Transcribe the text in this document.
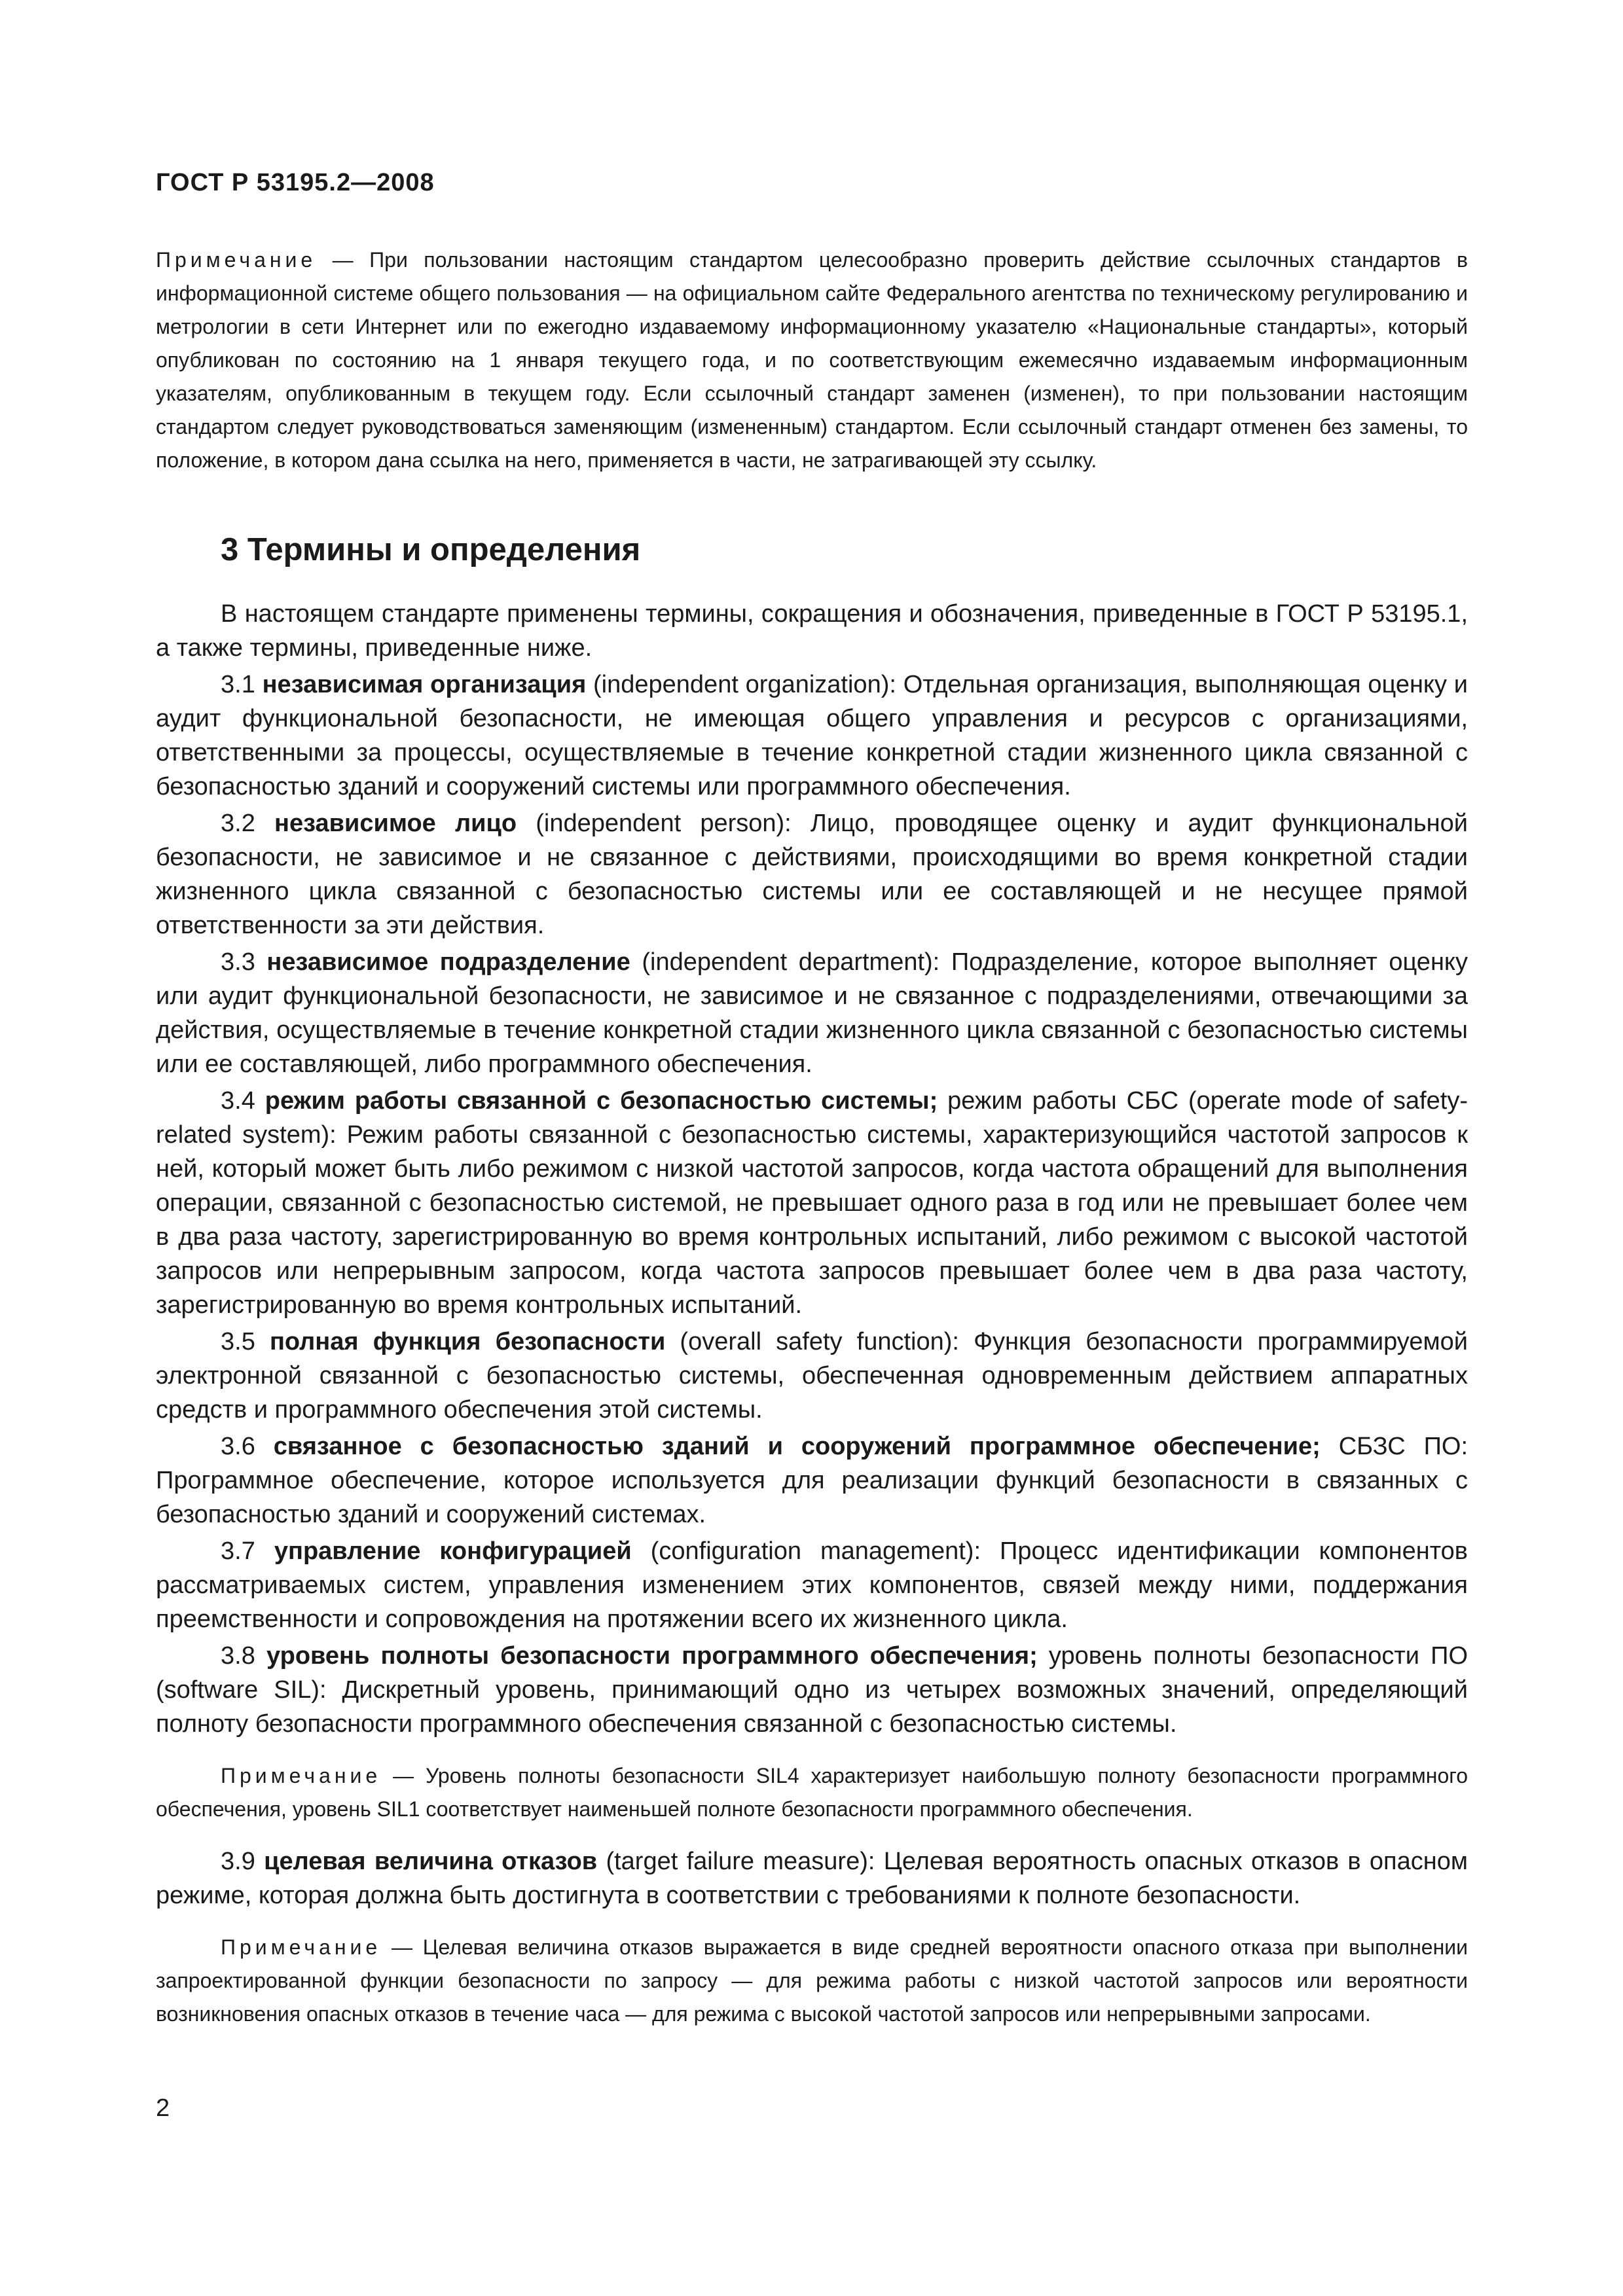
ГОСТ Р 53195.2—2008
Примечание — При пользовании настоящим стандартом целесообразно проверить действие ссылочных стандартов в информационной системе общего пользования — на официальном сайте Федерального агентства по техническому регулированию и метрологии в сети Интернет или по ежегодно издаваемому информационному указателю «Национальные стандарты», который опубликован по состоянию на 1 января текущего года, и по соответствующим ежемесячно издаваемым информационным указателям, опубликованным в текущем году. Если ссылочный стандарт заменен (изменен), то при пользовании настоящим стандартом следует руководствоваться заменяющим (измененным) стандартом. Если ссылочный стандарт отменен без замены, то положение, в котором дана ссылка на него, применяется в части, не затрагивающей эту ссылку.
3 Термины и определения

В настоящем стандарте применены термины, сокращения и обозначения, приведенные в ГОСТ Р 53195.1, а также термины, приведенные ниже.

3.1 независимая организация (independent organization): Отдельная организация, выполняющая оценку и аудит функциональной безопасности, не имеющая общего управления и ресурсов с организациями, ответственными за процессы, осуществляемые в течение конкретной стадии жизненного цикла связанной с безопасностью зданий и сооружений системы или программного обеспечения.

3.2 независимое лицо (independent person): Лицо, проводящее оценку и аудит функциональной безопасности, не зависимое и не связанное с действиями, происходящими во время конкретной стадии жизненного цикла связанной с безопасностью системы или ее составляющей и не несущее прямой ответственности за эти действия.

3.3 независимое подразделение (independent department): Подразделение, которое выполняет оценку или аудит функциональной безопасности, не зависимое и не связанное с подразделениями, отвечающими за действия, осуществляемые в течение конкретной стадии жизненного цикла связанной с безопасностью системы или ее составляющей, либо программного обеспечения.

3.4 режим работы связанной с безопасностью системы; режим работы СБС (operate mode of safety-related system): Режим работы связанной с безопасностью системы, характеризующийся частотой запросов к ней, который может быть либо режимом с низкой частотой запросов, когда частота обращений для выполнения операции, связанной с безопасностью системой, не превышает одного раза в год или не превышает более чем в два раза частоту, зарегистрированную во время контрольных испытаний, либо режимом с высокой частотой запросов или непрерывным запросом, когда частота запросов превышает более чем в два раза частоту, зарегистрированную во время контрольных испытаний.

3.5 полная функция безопасности (overall safety function): Функция безопасности программируемой электронной связанной с безопасностью системы, обеспеченная одновременным действием аппаратных средств и программного обеспечения этой системы.

3.6 связанное с безопасностью зданий и сооружений программное обеспечение; СБЗС ПО: Программное обеспечение, которое используется для реализации функций безопасности в связанных с безопасностью зданий и сооружений системах.

3.7 управление конфигурацией (configuration management): Процесс идентификации компонентов рассматриваемых систем, управления изменением этих компонентов, связей между ними, поддержания преемственности и сопровождения на протяжении всего их жизненного цикла.

3.8 уровень полноты безопасности программного обеспечения; уровень полноты безопасности ПО (software SIL): Дискретный уровень, принимающий одно из четырех возможных значений, определяющий полноту безопасности программного обеспечения связанной с безопасностью системы.

Примечание — Уровень полноты безопасности SIL4 характеризует наибольшую полноту безопасности программного обеспечения, уровень SIL1 соответствует наименьшей полноте безопасности программного обеспечения.

3.9 целевая величина отказов (target failure measure): Целевая вероятность опасных отказов в опасном режиме, которая должна быть достигнута в соответствии с требованиями к полноте безопасности.

Примечание — Целевая величина отказов выражается в виде средней вероятности опасного отказа при выполнении запроектированной функции безопасности по запросу — для режима работы с низкой частотой запросов или вероятности возникновения опасных отказов в течение часа — для режима с высокой частотой запросов или непрерывными запросами.

2
